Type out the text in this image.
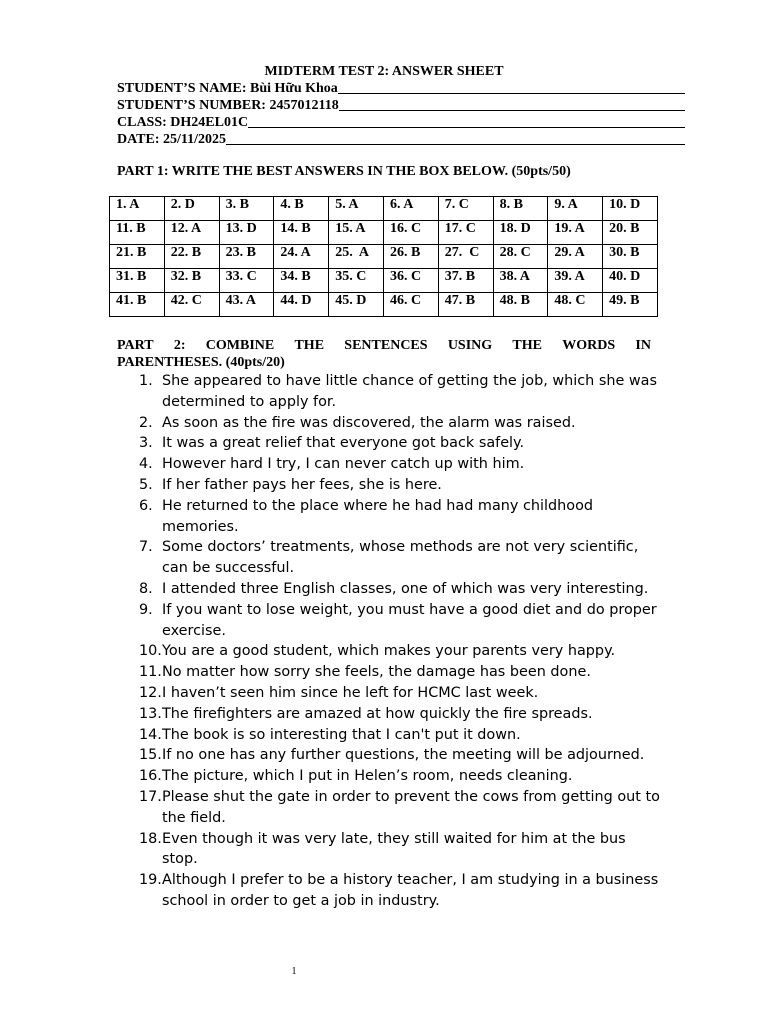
MIDTERM TEST 2: ANSWER SHEET
STUDENT’S NAME: Bùi Hữu Khoa
STUDENT’S NUMBER: 2457012118
CLASS: DH24EL01C
DATE: 25/11/2025
PART 1: WRITE THE BEST ANSWERS IN THE BOX BELOW. (50pts/50)
1. A	2. D	3. B	4. B	5. A	6. A	7. C	8. B	9. A	10. D
11. B	12. A	13. D	14. B	15. A	16. C	17. C	18. D	19. A	20. B
21. B	22. B	23. B	24. A	25.  A	26. B	27.  C	28. C	29. A	30. B
31. B	32. B	33. C	34. B	35. C	36. C	37. B	38. A	39. A	40. D
41. B	42. C	43. A	44. D	45. D	46. C	47. B	48. B	48. C	49. B
PART 2: COMBINE THE SENTENCES USING THE WORDS IN
PARENTHESES. (40pts/20)
1. She appeared to have little chance of getting the job, which she was determined to apply for.
2. As soon as the fire was discovered, the alarm was raised.
3. It was a great relief that everyone got back safely.
4. However hard I try, I can never catch up with him.
5. If her father pays her fees, she is here.
6. He returned to the place where he had had many childhood memories.
7. Some doctors’ treatments, whose methods are not very scientific, can be successful.
8. I attended three English classes, one of which was very interesting.
9. If you want to lose weight, you must have a good diet and do proper exercise.
10. You are a good student, which makes your parents very happy.
11. No matter how sorry she feels, the damage has been done.
12. I haven’t seen him since he left for HCMC last week.
13. The firefighters are amazed at how quickly the fire spreads.
14. The book is so interesting that I can't put it down.
15. If no one has any further questions, the meeting will be adjourned.
16. The picture, which I put in Helen’s room, needs cleaning.
17. Please shut the gate in order to prevent the cows from getting out to the field.
18. Even though it was very late, they still waited for him at the bus stop.
19. Although I prefer to be a history teacher, I am studying in a business school in order to get a job in industry.
1
